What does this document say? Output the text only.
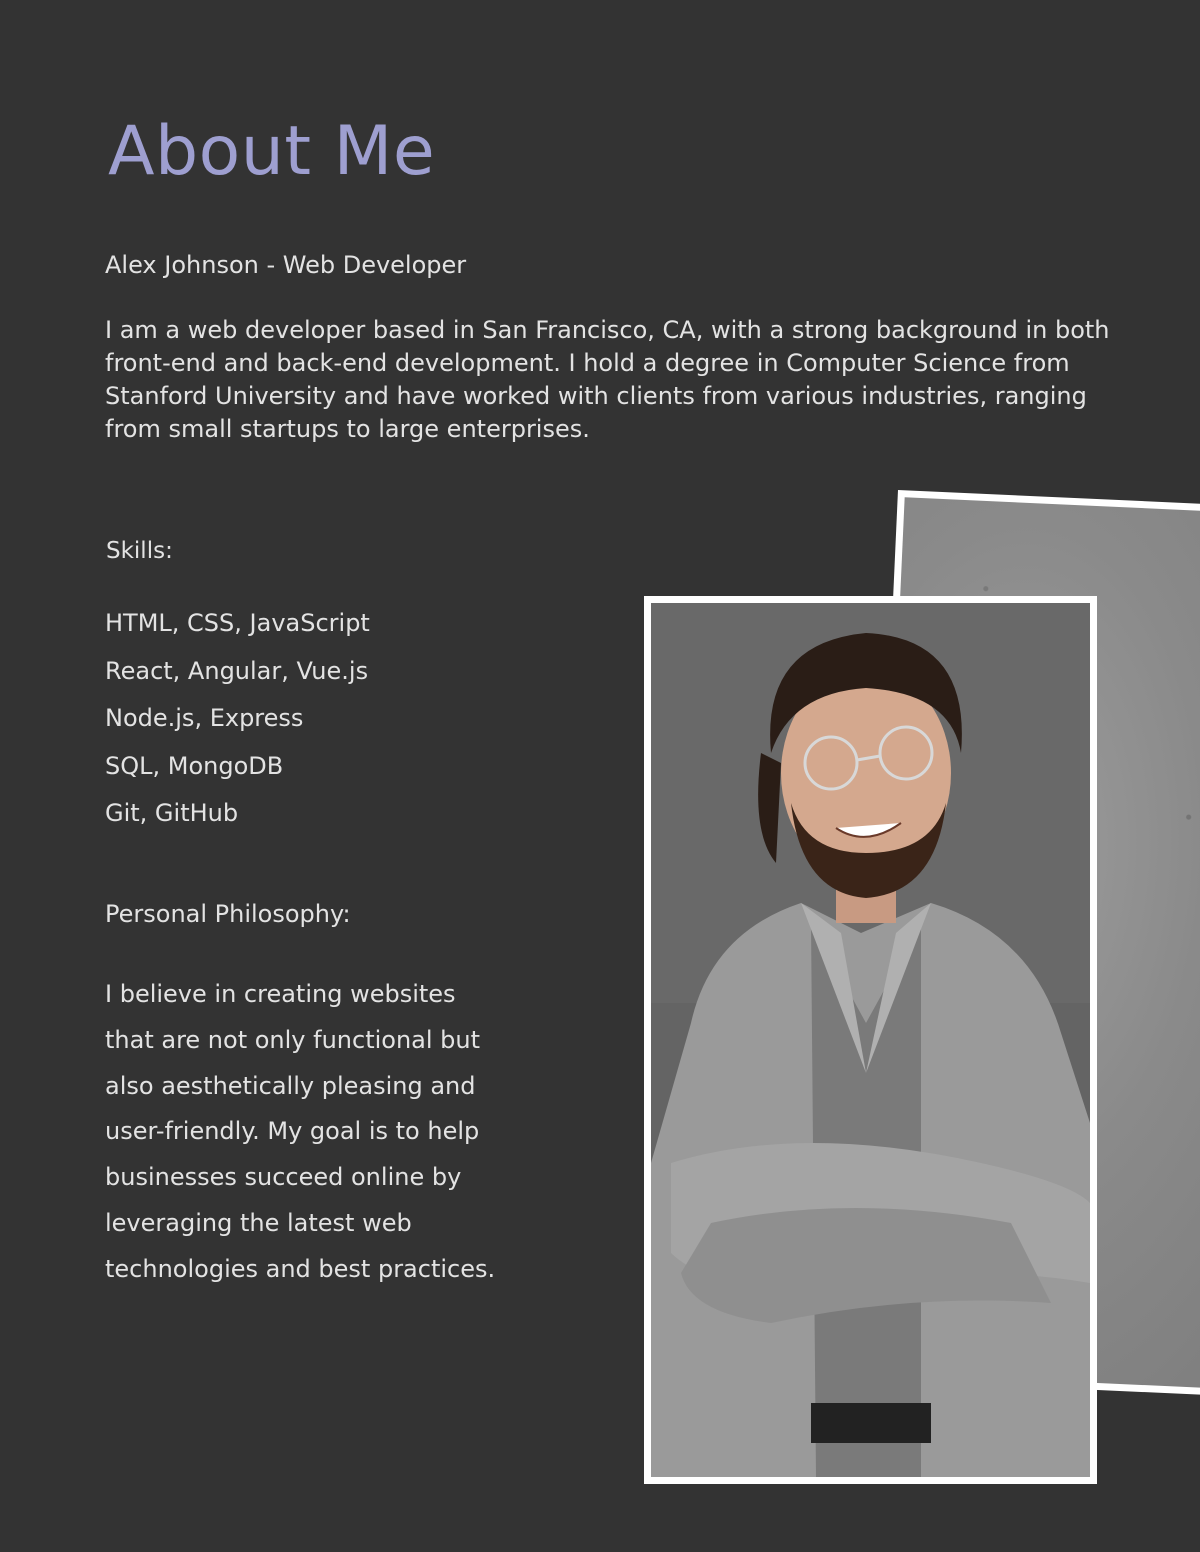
About Me

Alex Johnson - Web Developer

I am a web developer based in San Francisco, CA, with a strong background in both front-end and back-end development. I hold a degree in Computer Science from Stanford University and have worked with clients from various industries, ranging from small startups to large enterprises.

Skills:

HTML, CSS, JavaScript
React, Angular, Vue.js
Node.js, Express
SQL, MongoDB
Git, GitHub

Personal Philosophy:

I believe in creating websites that are not only functional but also aesthetically pleasing and user-friendly. My goal is to help businesses succeed online by leveraging the latest web technologies and best practices.
